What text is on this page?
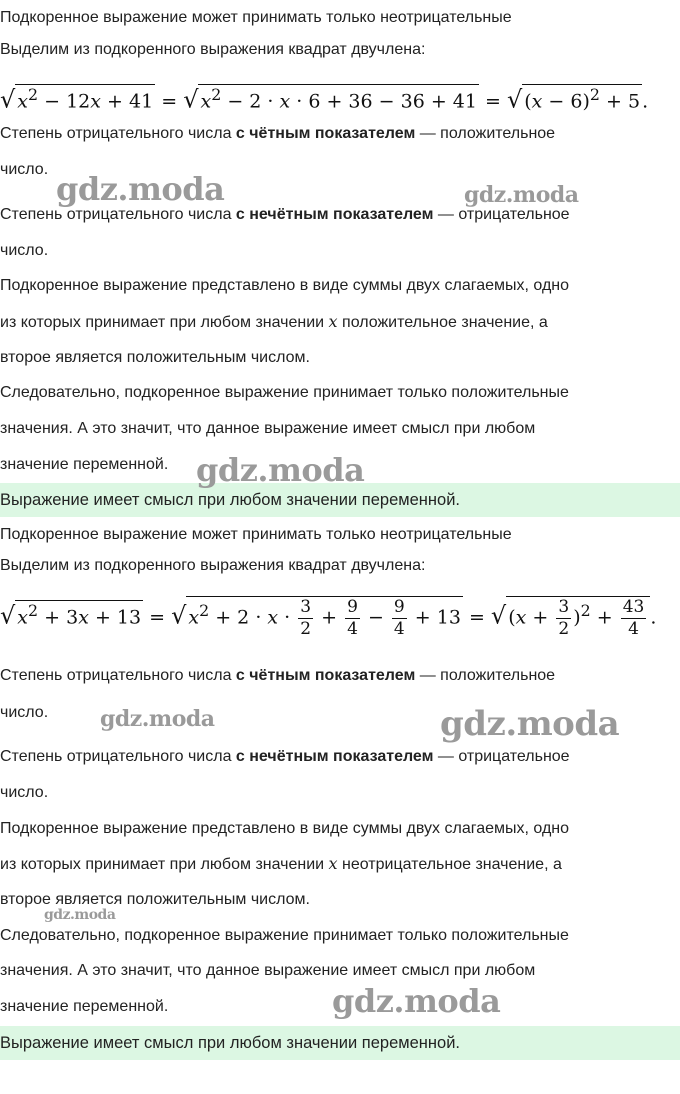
Подкоренное выражение может принимать только неотрицательные
Выделим из подкоренного выражения квадрат двучлена:
√ $x^2 - 12x + 41$ = √ $x^2 - 2 \cdot x \cdot 6 + 36 - 36 + 41$ = √ $(x - 6)^2 + 5$ .
Степень отрицательного числа с чётным показателем — положительное
число.
Степень отрицательного числа с нечётным показателем — отрицательное
число.
Подкоренное выражение представлено в виде суммы двух слагаемых, одно
из которых принимает при любом значении x положительное значение, а
второе является положительным числом.
Следовательно, подкоренное выражение принимает только положительные
значения. А это значит, что данное выражение имеет смысл при любом
значение переменной.
Выражение имеет смысл при любом значении переменной.
Подкоренное выражение может принимать только неотрицательные
Выделим из подкоренного выражения квадрат двучлена:
√ $x^2 + 3x + 13$ = √ $x^2 + 2 \cdot x \cdot \frac{3}{2} + \frac{9}{4} - \frac{9}{4} + 13$ = √ $(x + \frac{3}{2} )^2 + \frac{43}{4}$ .
Степень отрицательного числа с чётным показателем — положительное
число.
Степень отрицательного числа с нечётным показателем — отрицательное
число.
Подкоренное выражение представлено в виде суммы двух слагаемых, одно
из которых принимает при любом значении x неотрицательное значение, а
второе является положительным числом.
Следовательно, подкоренное выражение принимает только положительные
значения. А это значит, что данное выражение имеет смысл при любом
значение переменной.
Выражение имеет смысл при любом значении переменной.
gdz.moda	gdz.moda
gdz.moda
gdz.moda	gdz.moda
gdz.moda
gdz.moda
